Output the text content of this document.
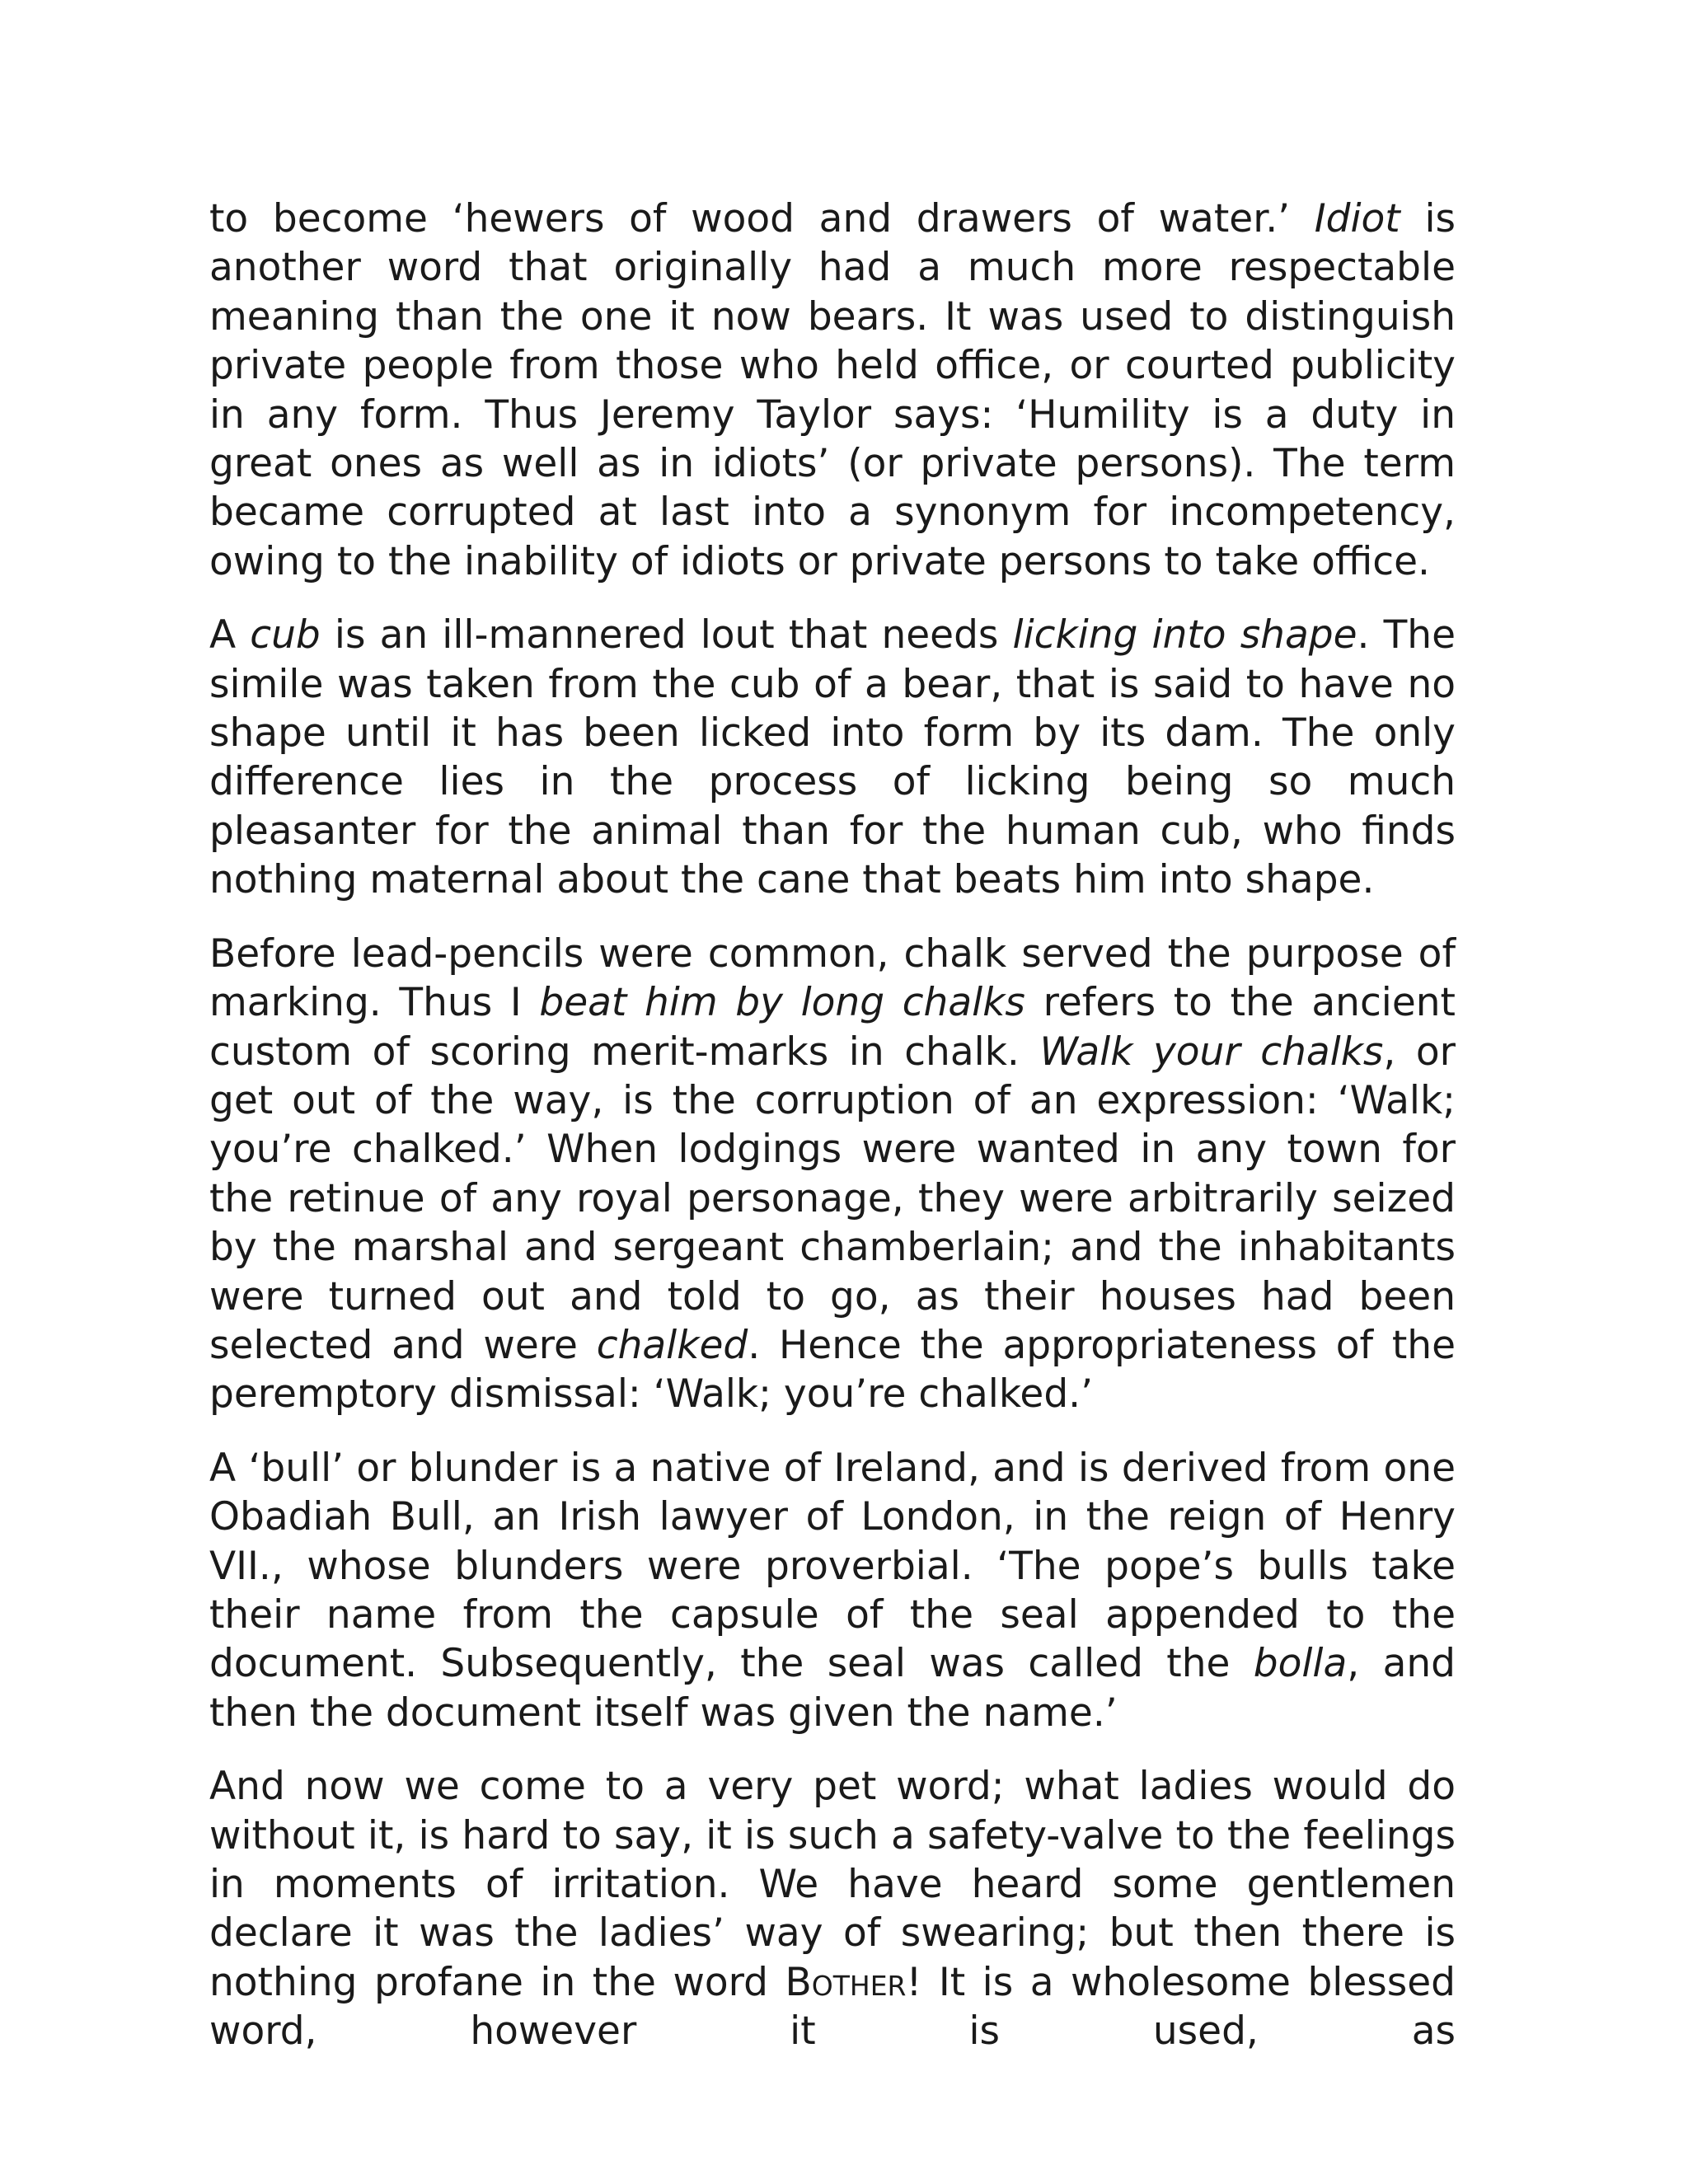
to become ‘hewers of wood and drawers of water.’ Idiot is another word that originally had a much more respectable meaning than the one it now bears. It was used to distinguish private people from those who held office, or courted publicity in any form. Thus Jeremy Taylor says: ‘Humility is a duty in great ones as well as in idiots’ (or private persons). The term became corrupted at last into a synonym for incompetency, owing to the inability of idiots or private persons to take office.

A cub is an ill-mannered lout that needs licking into shape. The simile was taken from the cub of a bear, that is said to have no shape until it has been licked into form by its dam. The only difference lies in the process of licking being so much pleasanter for the animal than for the human cub, who finds nothing maternal about the cane that beats him into shape.

Before lead-pencils were common, chalk served the purpose of marking. Thus I beat him by long chalks refers to the ancient custom of scoring merit-marks in chalk. Walk your chalks, or get out of the way, is the corruption of an expression: ‘Walk; you’re chalked.’ When lodgings were wanted in any town for the retinue of any royal personage, they were arbitrarily seized by the marshal and sergeant chamberlain; and the inhabitants were turned out and told to go, as their houses had been selected and were chalked. Hence the appropriateness of the peremptory dismissal: ‘Walk; you’re chalked.’

A ‘bull’ or blunder is a native of Ireland, and is derived from one Obadiah Bull, an Irish lawyer of London, in the reign of Henry VII., whose blunders were proverbial. ‘The pope’s bulls take their name from the capsule of the seal appended to the document. Subsequently, the seal was called the bolla, and then the document itself was given the name.’

And now we come to a very pet word; what ladies would do without it, is hard to say, it is such a safety-valve to the feelings in moments of irritation. We have heard some gentlemen declare it was the ladies’ way of swearing; but then there is nothing profane in the word Bother! It is a wholesome blessed word, however it is used, as
